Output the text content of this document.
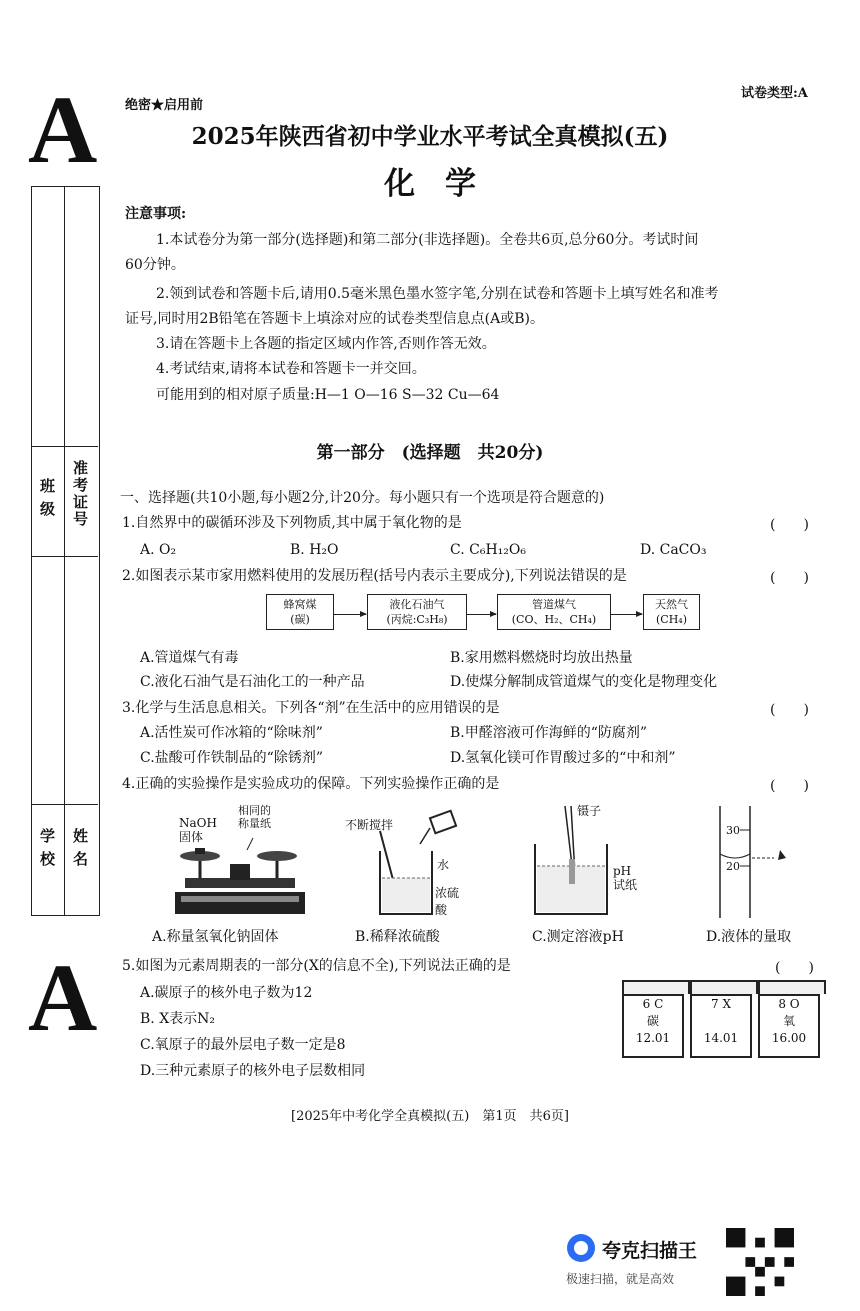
A
A
绝密★启用前
试卷类型:A
2025年陕西省初中学业水平考试全真模拟(五)
化学
班级 准考证号
学校 姓名
注意事项:
1.本试卷分为第一部分(选择题)和第二部分(非选择题)。全卷共6页,总分60分。考试时间
60分钟。
2.领到试卷和答题卡后,请用0.5毫米黑色墨水签字笔,分别在试卷和答题卡上填写姓名和准考
证号,同时用2B铅笔在答题卡上填涂对应的试卷类型信息点(A或B)。
3.请在答题卡上各题的指定区域内作答,否则作答无效。
4.考试结束,请将本试卷和答题卡一并交回。
可能用到的相对原子质量:H—1 O—16 S—32 Cu—64
第一部分　(选择题　共20分)
一、选择题(共10小题,每小题2分,计20分。每小题只有一个选项是符合题意的)
1.自然界中的碳循环涉及下列物质,其中属于氧化物的是	(　　)
A. O₂	B. H₂O	C. C₆H₁₂O₆	D. CaCO₃
2.如图表示某市家用燃料使用的发展历程(括号内表示主要成分),下列说法错误的是	(　　)
蜂窝煤
(碳)
液化石油气
(丙烷:C₃H₈)
管道煤气
(CO、H₂、CH₄)
天然气
(CH₄)
A.管道煤气有毒	B.家用燃料燃烧时均放出热量
C.液化石油气是石油化工的一种产品	D.使煤分解制成管道煤气的变化是物理变化
3.化学与生活息息相关。下列各“剂”在生活中的应用错误的是	(　　)
A.活性炭可作冰箱的“除味剂”	B.甲醛溶液可作海鲜的“防腐剂”
C.盐酸可作铁制品的“除锈剂”	D.氢氧化镁可作胃酸过多的“中和剂”
4.正确的实验操作是实验成功的保障。下列实验操作正确的是	(　　)
NaOH
固体
相同的
称量纸
A.称量氢氧化钠固体
不断搅拌
水
浓硫酸
B.稀释浓硫酸
镊子
pH
试纸
C.测定溶液pH
30
20
D.液体的量取
5.如图为元素周期表的一部分(X的信息不全),下列说法正确的是	(　　)
A.碳原子的核外电子数为12
B. X表示N₂
C.氧原子的最外层电子数一定是8
D.三种元素原子的核外电子层数相同
6 C
碳
12.01
7 X
14.01
8 O
氧
16.00
[2025年中考化学全真模拟(五)　第1页　共6页]
夸克扫描王
极速扫描，就是高效
